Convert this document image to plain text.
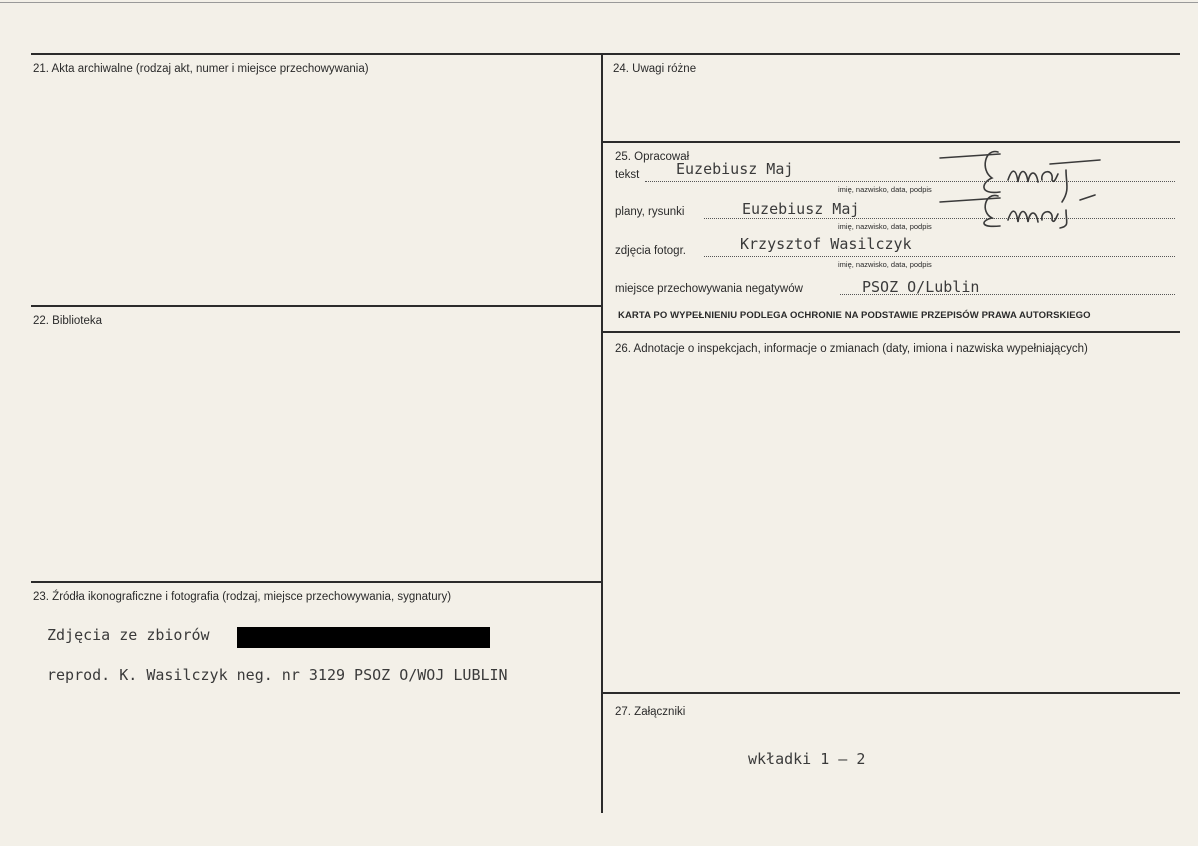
21. Akta archiwalne (rodzaj akt, numer i miejsce przechowywania)
22. Biblioteka
23. Źródła ikonograficzne i fotografia (rodzaj, miejsce przechowywania, sygnatury)
Zdjęcia ze zbiorów
reprod. K. Wasilczyk neg. nr 3129 PSOZ O/WOJ LUBLIN
24. Uwagi różne
25. Opracował
tekst Euzebiusz Maj
imię, nazwisko, data, podpis
plany, rysunki	Euzebiusz Maj
imię, nazwisko, data, podpis
zdjęcia fotogr.	Krzysztof Wasilczyk
imię, nazwisko, data, podpis
miejsce przechowywania negatywów	PSOZ O/Lublin
KARTA PO WYPEŁNIENIU PODLEGA OCHRONIE NA PODSTAWIE PRZEPISÓW PRAWA AUTORSKIEGO
26. Adnotacje o inspekcjach, informacje o zmianach (daty, imiona i nazwiska wypełniających)
27. Załączniki
wkładki 1 – 2
